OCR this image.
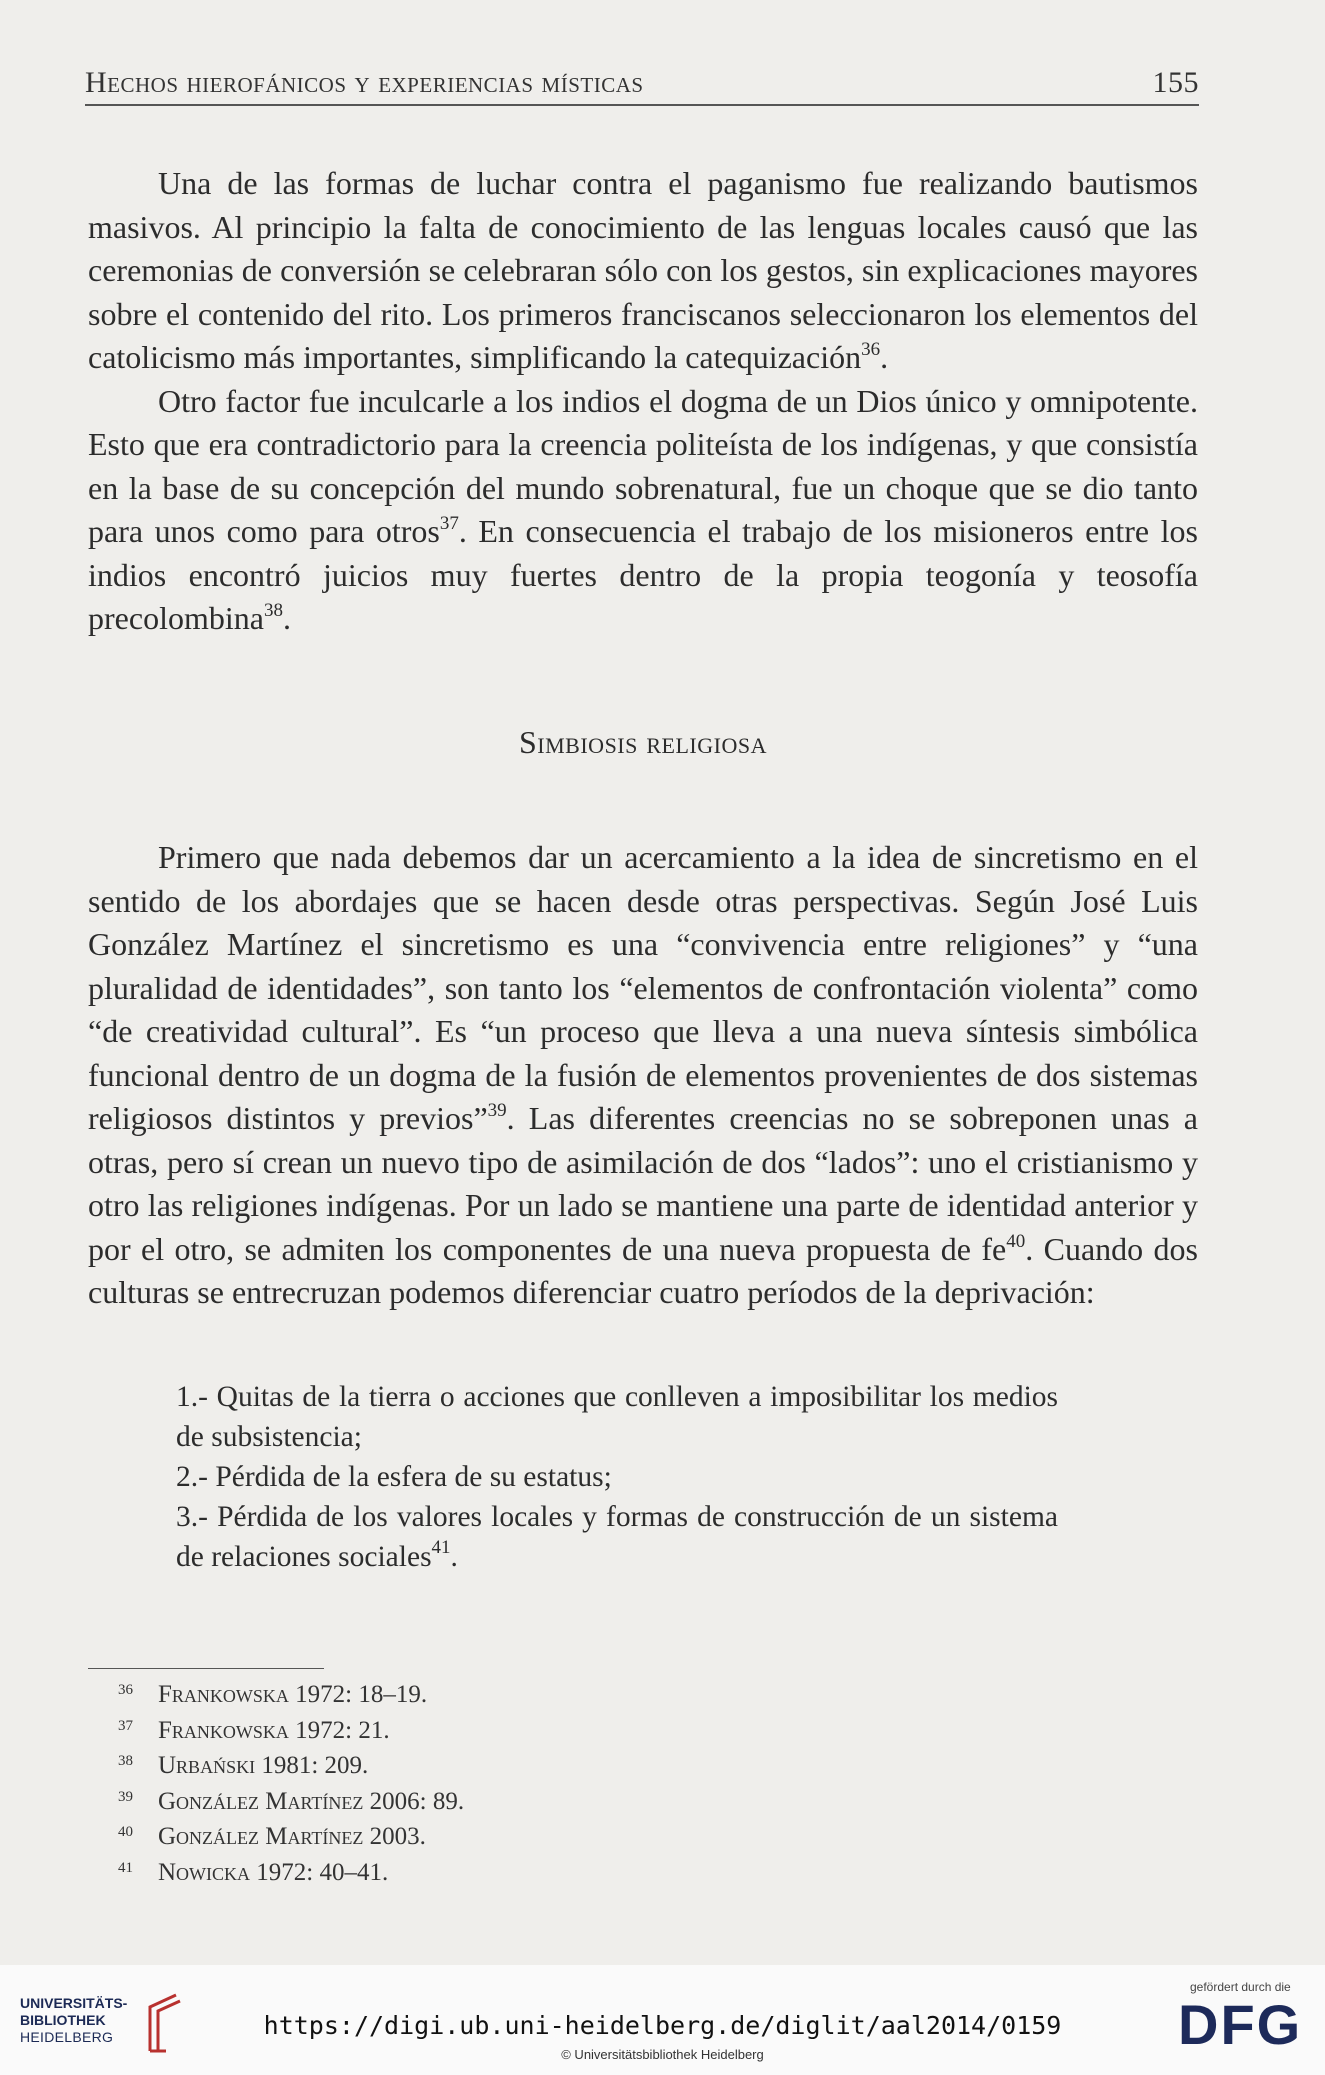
Hechos hierofánicos y experiencias místicas	155

Una de las formas de luchar contra el paganismo fue realizando bautismos masivos. Al principio la falta de conocimiento de las lenguas locales causó que las ceremonias de conversión se celebraran sólo con los gestos, sin explicaciones mayores sobre el contenido del rito. Los primeros franciscanos seleccionaron los elementos del catolicismo más importantes, simplificando la catequización$^{36}$.

Otro factor fue inculcarle a los indios el dogma de un Dios único y omnipotente. Esto que era contradictorio para la creencia politeísta de los indígenas, y que consistía en la base de su concepción del mundo sobrenatural, fue un choque que se dio tanto para unos como para otros$^{37}$. En consecuencia el trabajo de los misioneros entre los indios encontró juicios muy fuertes dentro de la propia teogonía y teosofía precolombina$^{38}$.

Simbiosis religiosa

Primero que nada debemos dar un acercamiento a la idea de sincretismo en el sentido de los abordajes que se hacen desde otras perspectivas. Según José Luis González Martínez el sincretismo es una “convivencia entre religiones” y “una pluralidad de identidades”, son tanto los “elementos de confrontación violenta” como “de creatividad cultural”. Es “un proceso que lleva a una nueva síntesis simbólica funcional dentro de un dogma de la fusión de elementos provenientes de dos sistemas religiosos distintos y previos”$^{39}$. Las diferentes creencias no se sobreponen unas a otras, pero sí crean un nuevo tipo de asimilación de dos “lados”: uno el cristianismo y otro las religiones indígenas. Por un lado se mantiene una parte de identidad anterior y por el otro, se admiten los componentes de una nueva propuesta de $fe^{40}$. Cuando dos culturas se entrecruzan podemos diferenciar cuatro períodos de la deprivación:

1.- Quitas de la tierra o acciones que conlleven a imposibilitar los medios de subsistencia;
2.- Pérdida de la esfera de su estatus;
3.- Pérdida de los valores locales y formas de construcción de un sistema de relaciones sociales$^{41}$.
36 Frankowska 1972: 18–19.
37 Frankowska 1972: 21.
38 Urbański 1981: 209.
39 González Martínez 2006: 89.
40 González Martínez 2003.
41 Nowicka 1972: 40–41.
UNIVERSITÄTS-
BIBLIOTHEK
HEIDELBERG	https://digi.ub.uni-heidelberg.de/diglit/aal2014/0159
© Universitätsbibliothek Heidelberg
gefördert durch die
DFG
